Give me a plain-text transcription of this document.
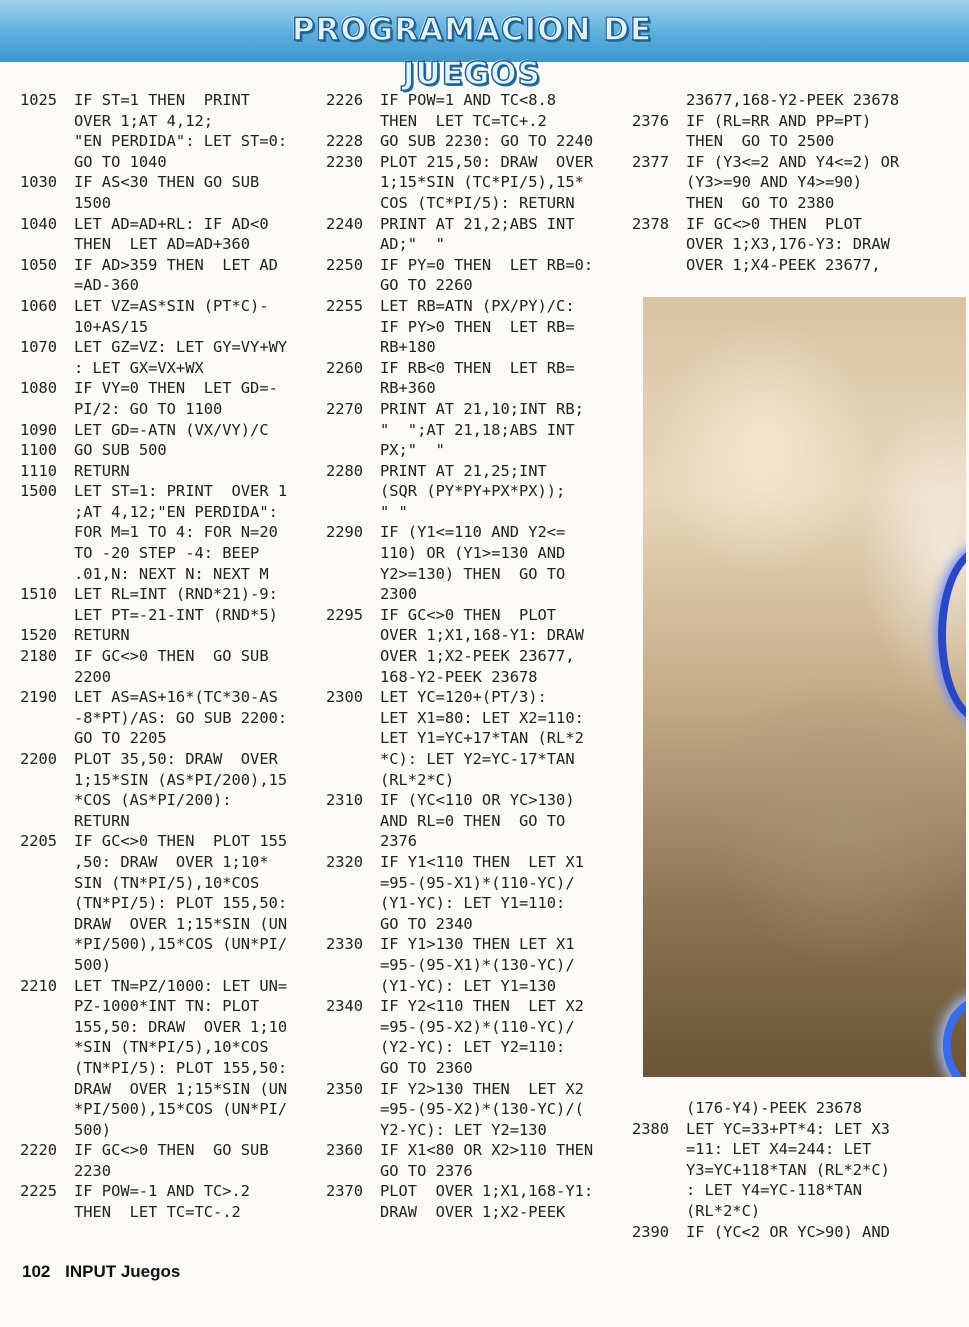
PROGRAMACION DE JUEGOS
1025	IF ST=1 THEN  PRINT
OVER 1;AT 4,12;
"EN PERDIDA": LET ST=0:
GO TO 1040
1030	IF AS<30 THEN GO SUB
1500
1040	LET AD=AD+RL: IF AD<0
THEN  LET AD=AD+360
1050	IF AD>359 THEN  LET AD
=AD-360
1060	LET VZ=AS*SIN (PT*C)-
10+AS/15
1070	LET GZ=VZ: LET GY=VY+WY
: LET GX=VX+WX
1080	IF VY=0 THEN  LET GD=-
PI/2: GO TO 1100
1090	LET GD=-ATN (VX/VY)/C
1100	GO SUB 500
1110	RETURN
1500	LET ST=1: PRINT  OVER 1
;AT 4,12;"EN PERDIDA":
FOR M=1 TO 4: FOR N=20
TO -20 STEP -4: BEEP
.01,N: NEXT N: NEXT M
1510	LET RL=INT (RND*21)-9:
LET PT=-21-INT (RND*5)
1520	RETURN
2180	IF GC<>0 THEN  GO SUB
2200
2190	LET AS=AS+16*(TC*30-AS
-8*PT)/AS: GO SUB 2200:
GO TO 2205
2200	PLOT 35,50: DRAW  OVER
1;15*SIN (AS*PI/200),15
*COS (AS*PI/200):
RETURN
2205	IF GC<>0 THEN  PLOT 155
,50: DRAW  OVER 1;10*
SIN (TN*PI/5),10*COS
(TN*PI/5): PLOT 155,50:
DRAW  OVER 1;15*SIN (UN
*PI/500),15*COS (UN*PI/
500)
2210	LET TN=PZ/1000: LET UN=
PZ-1000*INT TN: PLOT
155,50: DRAW  OVER 1;10
*SIN (TN*PI/5),10*COS
(TN*PI/5): PLOT 155,50:
DRAW  OVER 1;15*SIN (UN
*PI/500),15*COS (UN*PI/
500)
2220	IF GC<>0 THEN  GO SUB
2230
2225	IF POW=-1 AND TC>.2
THEN  LET TC=TC-.2
2226	IF POW=1 AND TC<8.8
THEN  LET TC=TC+.2
2228	GO SUB 2230: GO TO 2240
2230	PLOT 215,50: DRAW  OVER
1;15*SIN (TC*PI/5),15*
COS (TC*PI/5): RETURN
2240	PRINT AT 21,2;ABS INT
AD;"  "
2250	IF PY=0 THEN  LET RB=0:
GO TO 2260
2255	LET RB=ATN (PX/PY)/C:
IF PY>0 THEN  LET RB=
RB+180
2260	IF RB<0 THEN  LET RB=
RB+360
2270	PRINT AT 21,10;INT RB;
"  ";AT 21,18;ABS INT
PX;"  "
2280	PRINT AT 21,25;INT
(SQR (PY*PY+PX*PX));
" "
2290	IF (Y1<=110 AND Y2<=
110) OR (Y1>=130 AND
Y2>=130) THEN  GO TO
2300
2295	IF GC<>0 THEN  PLOT
OVER 1;X1,168-Y1: DRAW
OVER 1;X2-PEEK 23677,
168-Y2-PEEK 23678
2300	LET YC=120+(PT/3):
LET X1=80: LET X2=110:
LET Y1=YC+17*TAN (RL*2
*C): LET Y2=YC-17*TAN
(RL*2*C)
2310	IF (YC<110 OR YC>130)
AND RL=0 THEN  GO TO
2376
2320	IF Y1<110 THEN  LET X1
=95-(95-X1)*(110-YC)/
(Y1-YC): LET Y1=110:
GO TO 2340
2330	IF Y1>130 THEN LET X1
=95-(95-X1)*(130-YC)/
(Y1-YC): LET Y1=130
2340	IF Y2<110 THEN  LET X2
=95-(95-X2)*(110-YC)/
(Y2-YC): LET Y2=110:
GO TO 2360
2350	IF Y2>130 THEN  LET X2
=95-(95-X2)*(130-YC)/(
Y2-YC): LET Y2=130
2360	IF X1<80 OR X2>110 THEN
GO TO 2376
2370	PLOT  OVER 1;X1,168-Y1:
DRAW  OVER 1;X2-PEEK
23677,168-Y2-PEEK 23678
2376	IF (RL=RR AND PP=PT)
THEN  GO TO 2500
2377	IF (Y3<=2 AND Y4<=2) OR
(Y3>=90 AND Y4>=90)
THEN  GO TO 2380
2378	IF GC<>0 THEN  PLOT
OVER 1;X3,176-Y3: DRAW
OVER 1;X4-PEEK 23677,
(176-Y4)-PEEK 23678
2380	LET YC=33+PT*4: LET X3
=11: LET X4=244: LET
Y3=YC+118*TAN (RL*2*C)
: LET Y4=YC-118*TAN
(RL*2*C)
2390	IF (YC<2 OR YC>90) AND
102 INPUT Juegos
